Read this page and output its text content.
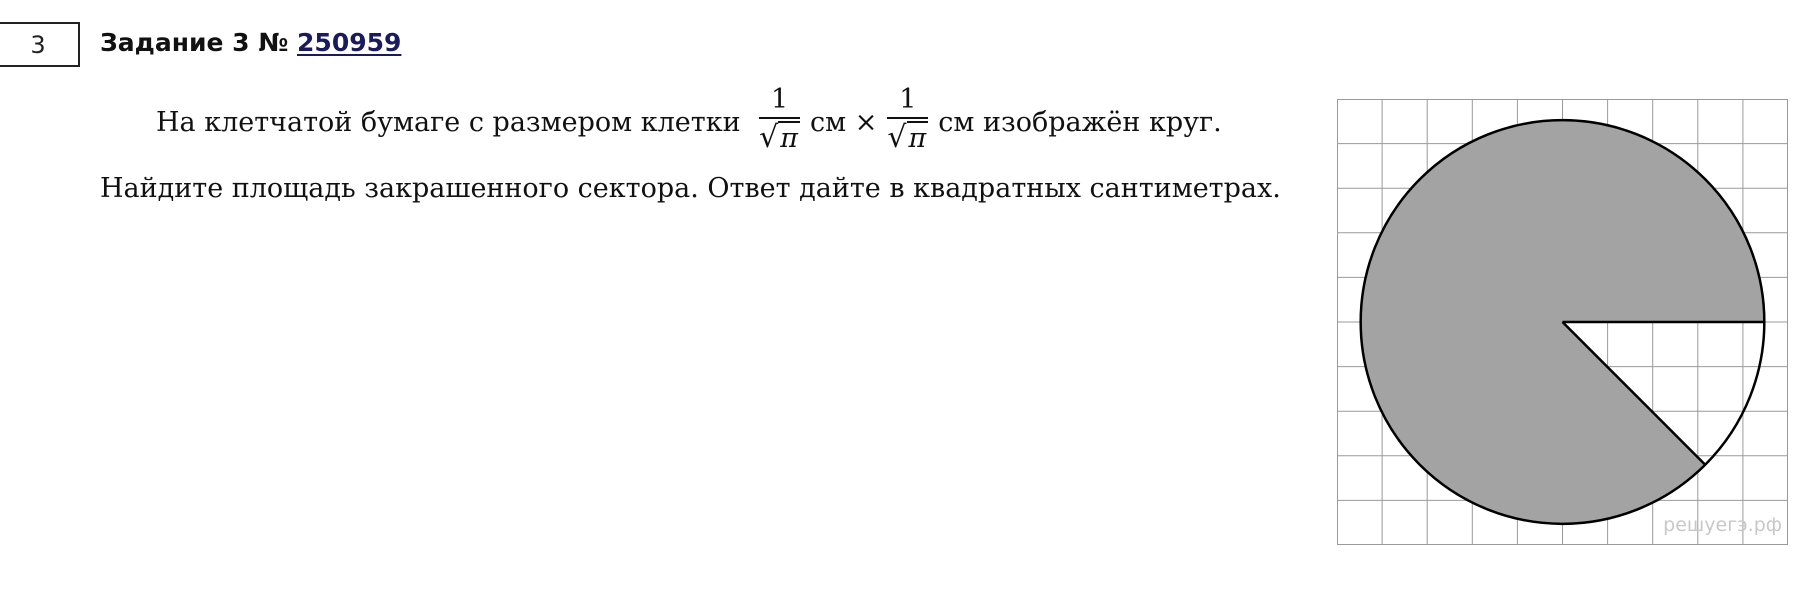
3 Задание 3 № 250959
На клетчатой бумаге с размером клетки $\frac{1}{√\pi}$ см × $\frac{1}{√\pi}$ см изображён круг. Найдите площадь закрашенного сектора. Ответ дайте в квадратных сантиметрах.
решуегэ.рф
